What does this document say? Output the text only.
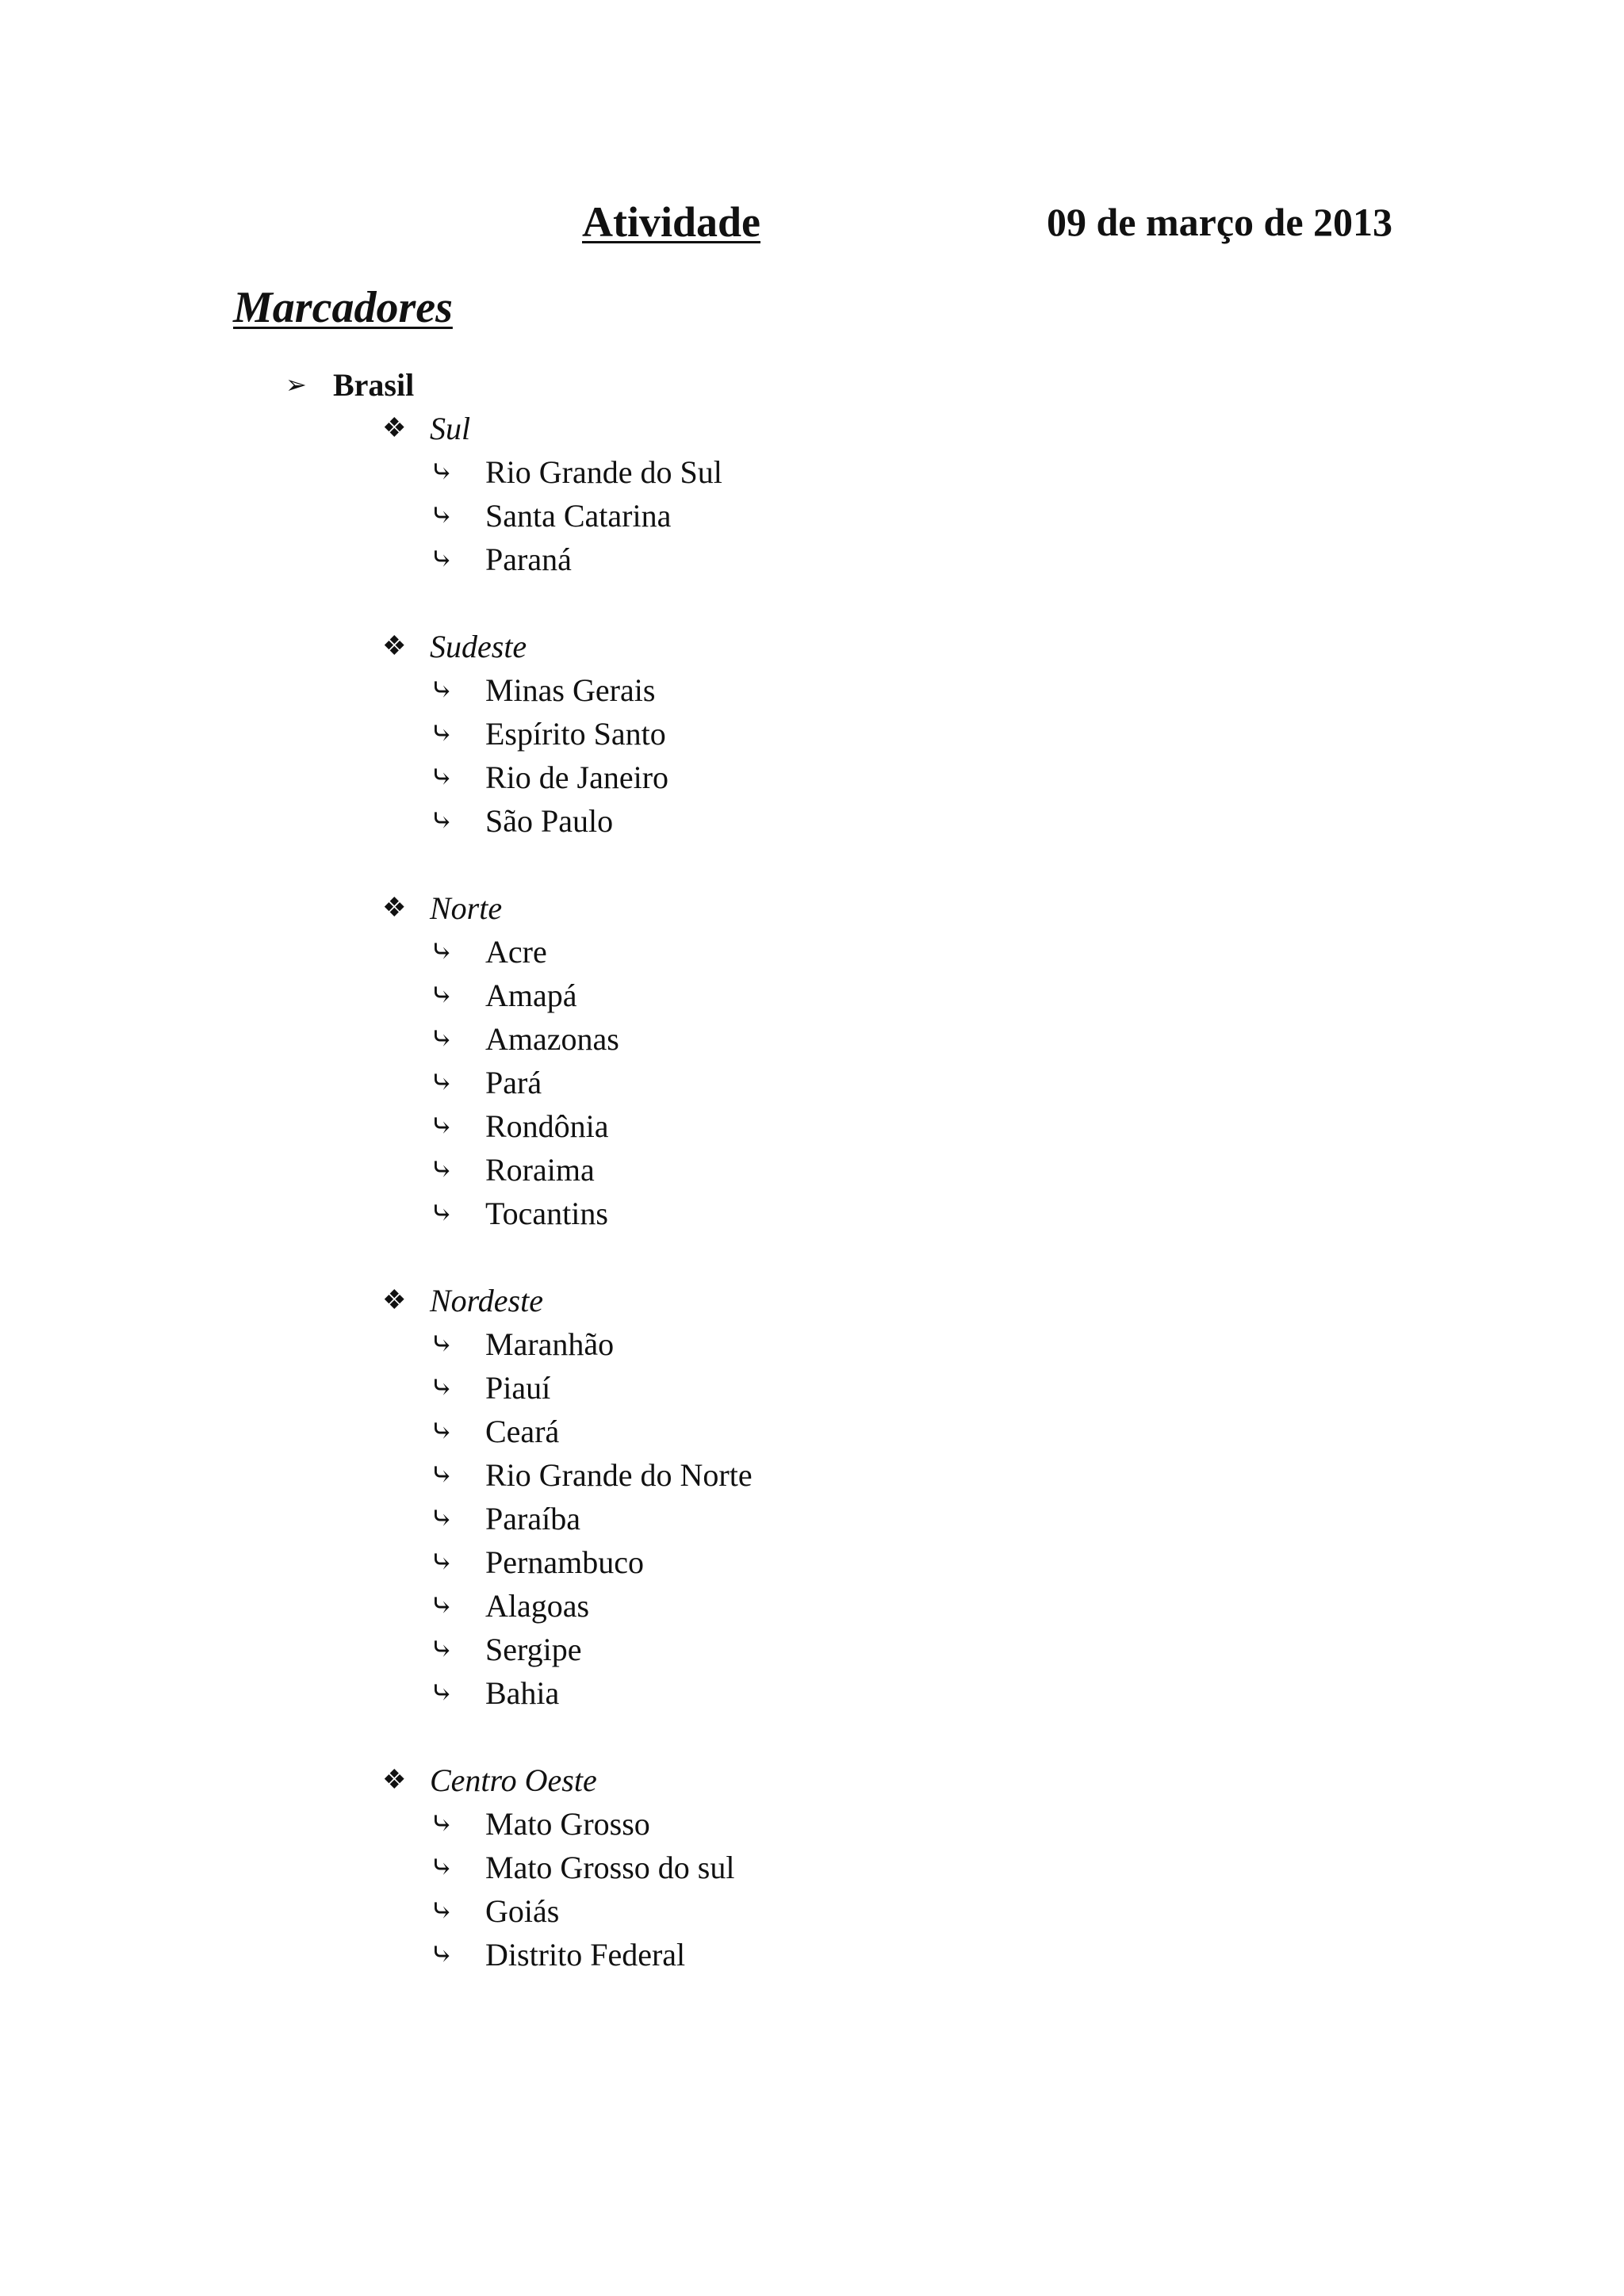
Atividade	09 de março de 2013
Marcadores
➢ Brasil
❖ Sul
⤷ Rio Grande do Sul
⤷ Santa Catarina
⤷ Paraná
❖ Sudeste
⤷ Minas Gerais
⤷ Espírito Santo
⤷ Rio de Janeiro
⤷ São Paulo
❖ Norte
⤷ Acre
⤷ Amapá
⤷ Amazonas
⤷ Pará
⤷ Rondônia
⤷ Roraima
⤷ Tocantins
❖ Nordeste
⤷ Maranhão
⤷ Piauí
⤷ Ceará
⤷ Rio Grande do Norte
⤷ Paraíba
⤷ Pernambuco
⤷ Alagoas
⤷ Sergipe
⤷ Bahia
❖ Centro Oeste
⤷ Mato Grosso
⤷ Mato Grosso do sul
⤷ Goiás
⤷ Distrito Federal
